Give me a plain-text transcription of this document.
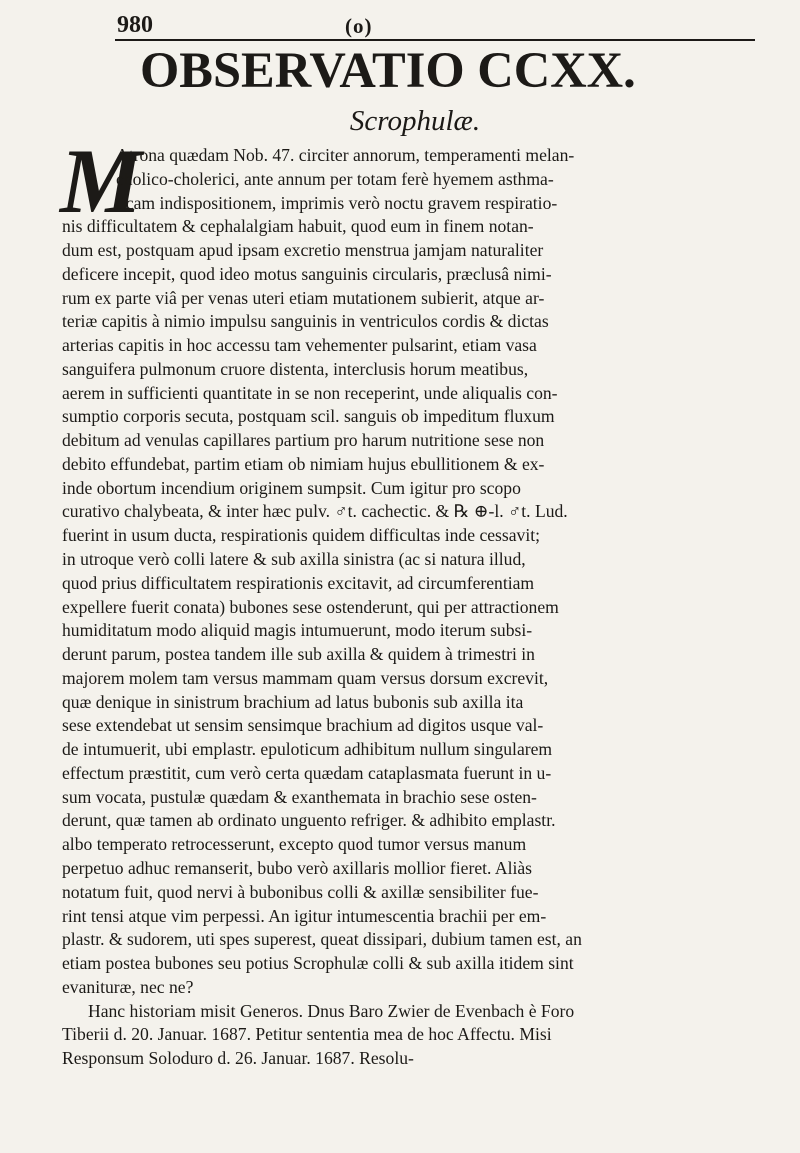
980	(o)
OBSERVATIO CCXX.
Scrophulæ.
M
Atrona quædam Nob. 47. circiter annorum, temperamenti melan-
cholico-cholerici, ante annum per totam ferè hyemem asthma-
ticam indispositionem, imprimis verò noctu gravem respiratio-
nis difficultatem & cephalalgiam habuit, quod eum in finem notan-
dum est, postquam apud ipsam excretio menstrua jamjam naturaliter
deficere incepit, quod ideo motus sanguinis circularis, præclusâ nimi-
rum ex parte viâ per venas uteri etiam mutationem subierit, atque ar-
teriæ capitis à nimio impulsu sanguinis in ventriculos cordis & dictas
arterias capitis in hoc accessu tam vehementer pulsarint, etiam vasa
sanguifera pulmonum cruore distenta, interclusis horum meatibus,
aerem in sufficienti quantitate in se non receperint, unde aliqualis con-
sumptio corporis secuta, postquam scil. sanguis ob impeditum fluxum
debitum ad venulas capillares partium pro harum nutritione sese non
debito effundebat, partim etiam ob nimiam hujus ebullitionem & ex-
inde obortum incendium originem sumpsit. Cum igitur pro scopo
curativo chalybeata, & inter hæc pulv. ♂t. cachectic. & ℞ ⊕-l. ♂t. Lud.
fuerint in usum ducta, respirationis quidem difficultas inde cessavit;
in utroque verò colli latere & sub axilla sinistra (ac si natura illud,
quod prius difficultatem respirationis excitavit, ad circumferentiam
expellere fuerit conata) bubones sese ostenderunt, qui per attractionem
humiditatum modo aliquid magis intumuerunt, modo iterum subsi-
derunt parum, postea tandem ille sub axilla & quidem à trimestri in
majorem molem tam versus mammam quam versus dorsum excrevit,
quæ denique in sinistrum brachium ad latus bubonis sub axilla ita
sese extendebat ut sensim sensimque brachium ad digitos usque val-
de intumuerit, ubi emplastr. epuloticum adhibitum nullum singularem
effectum præstitit, cum verò certa quædam cataplasmata fuerunt in u-
sum vocata, pustulæ quædam & exanthemata in brachio sese osten-
derunt, quæ tamen ab ordinato unguento refriger. & adhibito emplastr.
albo temperato retrocesserunt, excepto quod tumor versus manum
perpetuo adhuc remanserit, bubo verò axillaris mollior fieret. Aliàs
notatum fuit, quod nervi à bubonibus colli & axillæ sensibiliter fue-
rint tensi atque vim perpessi. An igitur intumescentia brachii per em-
plastr. & sudorem, uti spes superest, queat dissipari, dubium tamen est, an
etiam postea bubones seu potius Scrophulæ colli & sub axilla itidem sint
evanituræ, nec ne?
Hanc historiam misit Generos. Dnus Baro Zwier de Evenbach è Foro
Tiberii d. 20. Januar. 1687. Petitur sententia mea de hoc Affectu. Misi
Responsum Soloduro d. 26. Januar. 1687. Resolu-
